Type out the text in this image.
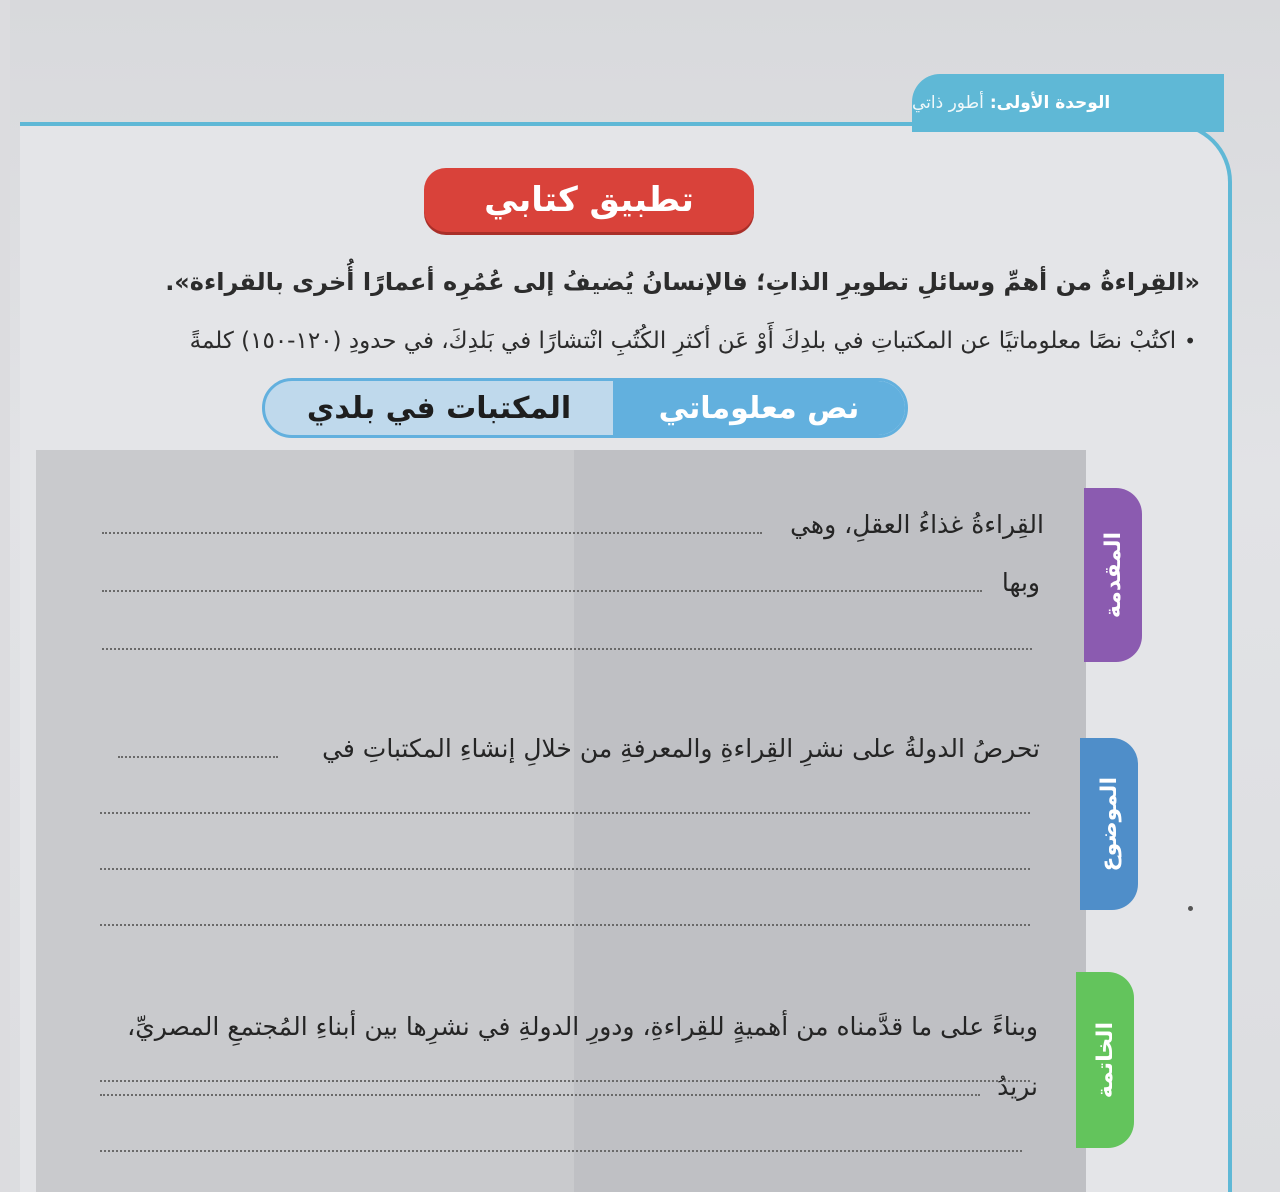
الوحدة الأولى:
أطور ذاتي
تطبيق كتابي
«القِراءةُ من أهمِّ وسائلِ تطويرِ الذاتِ؛ فالإنسانُ يُضيفُ إلى عُمُرِه أعمارًا أُخرى بالقراءة».
•اكتُبْ نصًا معلوماتيًا عن المكتباتِ في بلدِكَ أَوْ عَن أكثرِ الكُتُبِ انْتشارًا في بَلدِكَ، في حدودِ (١٢٠-١٥٠) كلمةً
نص معلوماتي
المكتبات في بلدي
المقدمة
الموضوع
الخاتمة
القِراءةُ غذاءُ العقلِ، وهي
وبها
تحرصُ الدولةُ على نشرِ القِراءةِ والمعرفةِ من خلالِ إنشاءِ المكتباتِ في
وبناءً على ما قدَّمناه من أهميةٍ للقِراءةِ، ودورِ الدولةِ في نشرِها بين أبناءِ المُجتمعِ المصريِّ،
نريدُ
